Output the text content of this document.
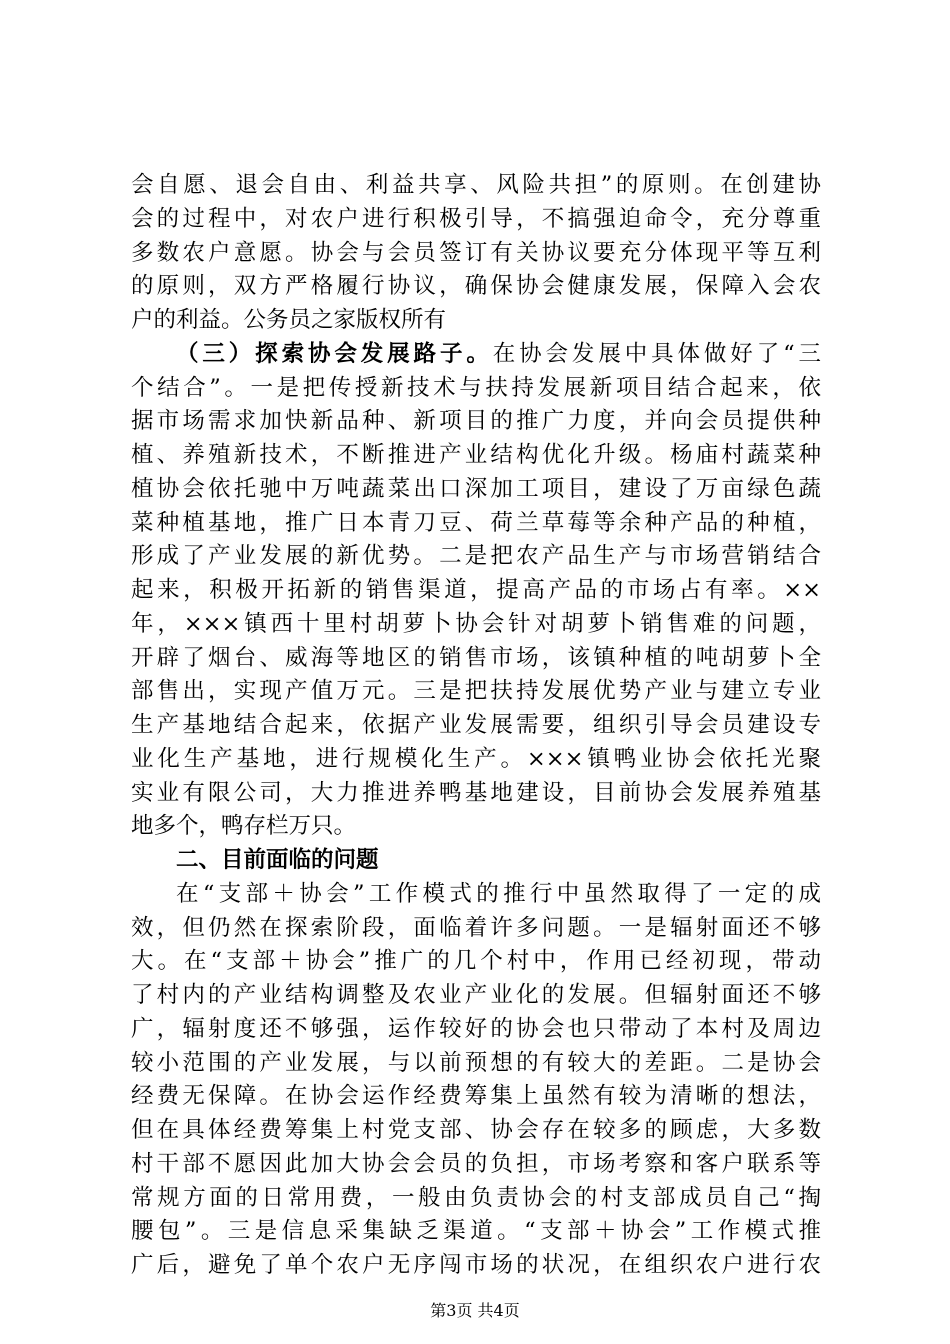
会自愿、退会自由、利益共享、风险共担”的原则。在创建协
会的过程中，对农户进行积极引导，不搞强迫命令，充分尊重
多数农户意愿。协会与会员签订有关协议要充分体现平等互利
的原则，双方严格履行协议，确保协会健康发展，保障入会农
户的利益。公务员之家版权所有
（三）探索协会发展路子。在协会发展中具体做好了“三
个结合”。一是把传授新技术与扶持发展新项目结合起来，依
据市场需求加快新品种、新项目的推广力度，并向会员提供种
植、养殖新技术，不断推进产业结构优化升级。杨庙村蔬菜种
植协会依托驰中万吨蔬菜出口深加工项目，建设了万亩绿色蔬
菜种植基地，推广日本青刀豆、荷兰草莓等余种产品的种植，
形成了产业发展的新优势。二是把农产品生产与市场营销结合
起来，积极开拓新的销售渠道，提高产品的市场占有率。××
年，×××镇西十里村胡萝卜协会针对胡萝卜销售难的问题，
开辟了烟台、威海等地区的销售市场，该镇种植的吨胡萝卜全
部售出，实现产值万元。三是把扶持发展优势产业与建立专业
生产基地结合起来，依据产业发展需要，组织引导会员建设专
业化生产基地，进行规模化生产。×××镇鸭业协会依托光聚
实业有限公司，大力推进养鸭基地建设，目前协会发展养殖基
地多个，鸭存栏万只。
二、目前面临的问题
在“支部＋协会”工作模式的推行中虽然取得了一定的成
效，但仍然在探索阶段，面临着许多问题。一是辐射面还不够
大。在“支部＋协会”推广的几个村中，作用已经初现，带动
了村内的产业结构调整及农业产业化的发展。但辐射面还不够
广，辐射度还不够强，运作较好的协会也只带动了本村及周边
较小范围的产业发展，与以前预想的有较大的差距。二是协会
经费无保障。在协会运作经费筹集上虽然有较为清晰的想法，
但在具体经费筹集上村党支部、协会存在较多的顾虑，大多数
村干部不愿因此加大协会会员的负担，市场考察和客户联系等
常规方面的日常用费，一般由负责协会的村支部成员自己“掏
腰包”。三是信息采集缺乏渠道。“支部＋协会”工作模式推
广后，避免了单个农户无序闯市场的状况，在组织农户进行农
第3页 共4页
